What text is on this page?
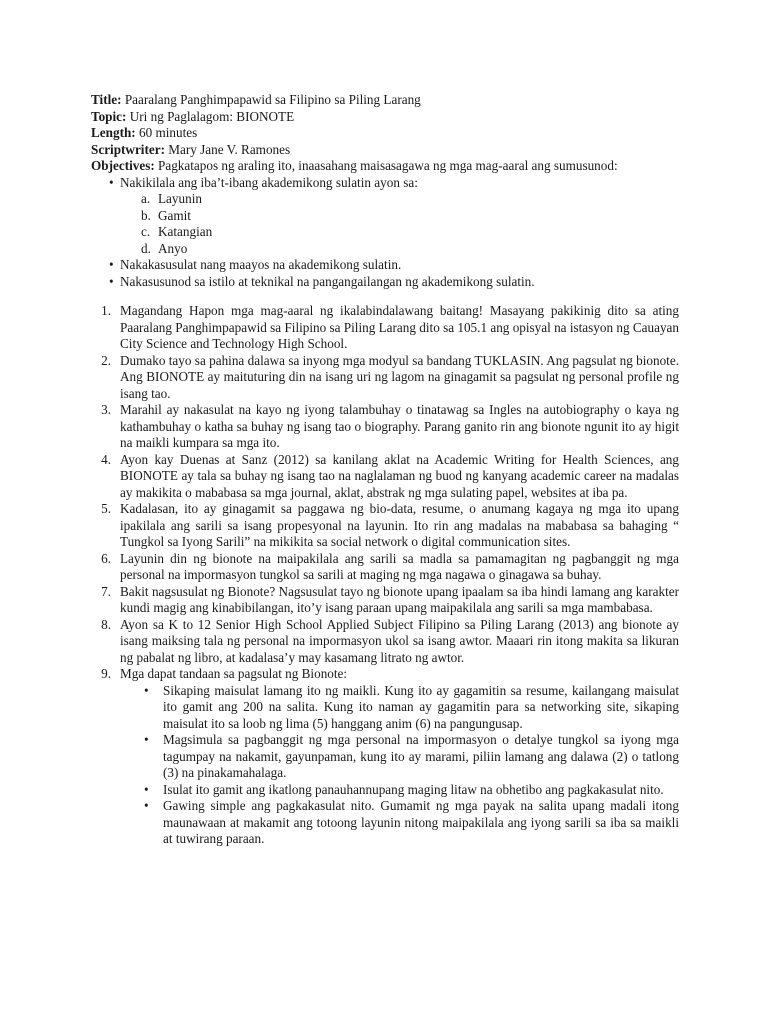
Title: Paaralang Panghimpapawid sa Filipino sa Piling Larang

Topic: Uri ng Paglalagom: BIONOTE

Length: 60 minutes

Scriptwriter: Mary Jane V. Ramones

Objectives: Pagkatapos ng araling ito, inaasahang maisasagawa ng mga mag-aaral ang sumusunod:

• Nakikilala ang iba’t-ibang akademikong sulatin ayon sa:
a. Layunin
b. Gamit
c. Katangian
d. Anyo
• Nakakasusulat nang maayos na akademikong sulatin.
• Nakasusunod sa istilo at teknikal na pangangailangan ng akademikong sulatin.
1. Magandang Hapon mga mag-aaral ng ikalabindalawang baitang! Masayang pakikinig dito sa ating Paaralang Panghimpapawid sa Filipino sa Piling Larang dito sa 105.1 ang opisyal na istasyon ng Cauayan City Science and Technology High School.
2. Dumako tayo sa pahina dalawa sa inyong mga modyul sa bandang TUKLASIN. Ang pagsulat ng bionote. Ang BIONOTE ay maituturing din na isang uri ng lagom na ginagamit sa pagsulat ng personal profile ng isang tao.
3. Marahil ay nakasulat na kayo ng iyong talambuhay o tinatawag sa Ingles na autobiography o kaya ng kathambuhay o katha sa buhay ng isang tao o biography. Parang ganito rin ang bionote ngunit ito ay higit na maikli kumpara sa mga ito.
4. Ayon kay Duenas at Sanz (2012) sa kanilang aklat na Academic Writing for Health Sciences, ang BIONOTE ay tala sa buhay ng isang tao na naglalaman ng buod ng kanyang academic career na madalas ay makikita o mababasa sa mga journal, aklat, abstrak ng mga sulating papel, websites at iba pa.
5. Kadalasan, ito ay ginagamit sa paggawa ng bio-data, resume, o anumang kagaya ng mga ito upang ipakilala ang sarili sa isang propesyonal na layunin. Ito rin ang madalas na mababasa sa bahaging “ Tungkol sa Iyong Sarili” na mikikita sa social network o digital communication sites.
6. Layunin din ng bionote na maipakilala ang sarili sa madla sa pamamagitan ng pagbanggit ng mga personal na impormasyon tungkol sa sarili at maging ng mga nagawa o ginagawa sa buhay.
7. Bakit nagsusulat ng Bionote? Nagsusulat tayo ng bionote upang ipaalam sa iba hindi lamang ang karakter kundi magig ang kinabibilangan, ito’y isang paraan upang maipakilala ang sarili sa mga mambabasa.
8. Ayon sa K to 12 Senior High School Applied Subject Filipino sa Piling Larang (2013) ang bionote ay isang maiksing tala ng personal na impormasyon ukol sa isang awtor. Maaari rin itong makita sa likuran ng pabalat ng libro, at kadalasa’y may kasamang litrato ng awtor.
9. Mga dapat tandaan sa pagsulat ng Bionote:
• Sikaping maisulat lamang ito ng maikli. Kung ito ay gagamitin sa resume, kailangang maisulat ito gamit ang 200 na salita. Kung ito naman ay gagamitin para sa networking site, sikaping maisulat ito sa loob ng lima (5) hanggang anim (6) na pangungusap.
• Magsimula sa pagbanggit ng mga personal na impormasyon o detalye tungkol sa iyong mga tagumpay na nakamit, gayunpaman, kung ito ay marami, piliin lamang ang dalawa (2) o tatlong (3) na pinakamahalaga.
• Isulat ito gamit ang ikatlong panauhannupang maging litaw na obhetibo ang pagkakasulat nito.
• Gawing simple ang pagkakasulat nito. Gumamit ng mga payak na salita upang madali itong maunawaan at makamit ang totoong layunin nitong maipakilala ang iyong sarili sa iba sa maikli at tuwirang paraan.
